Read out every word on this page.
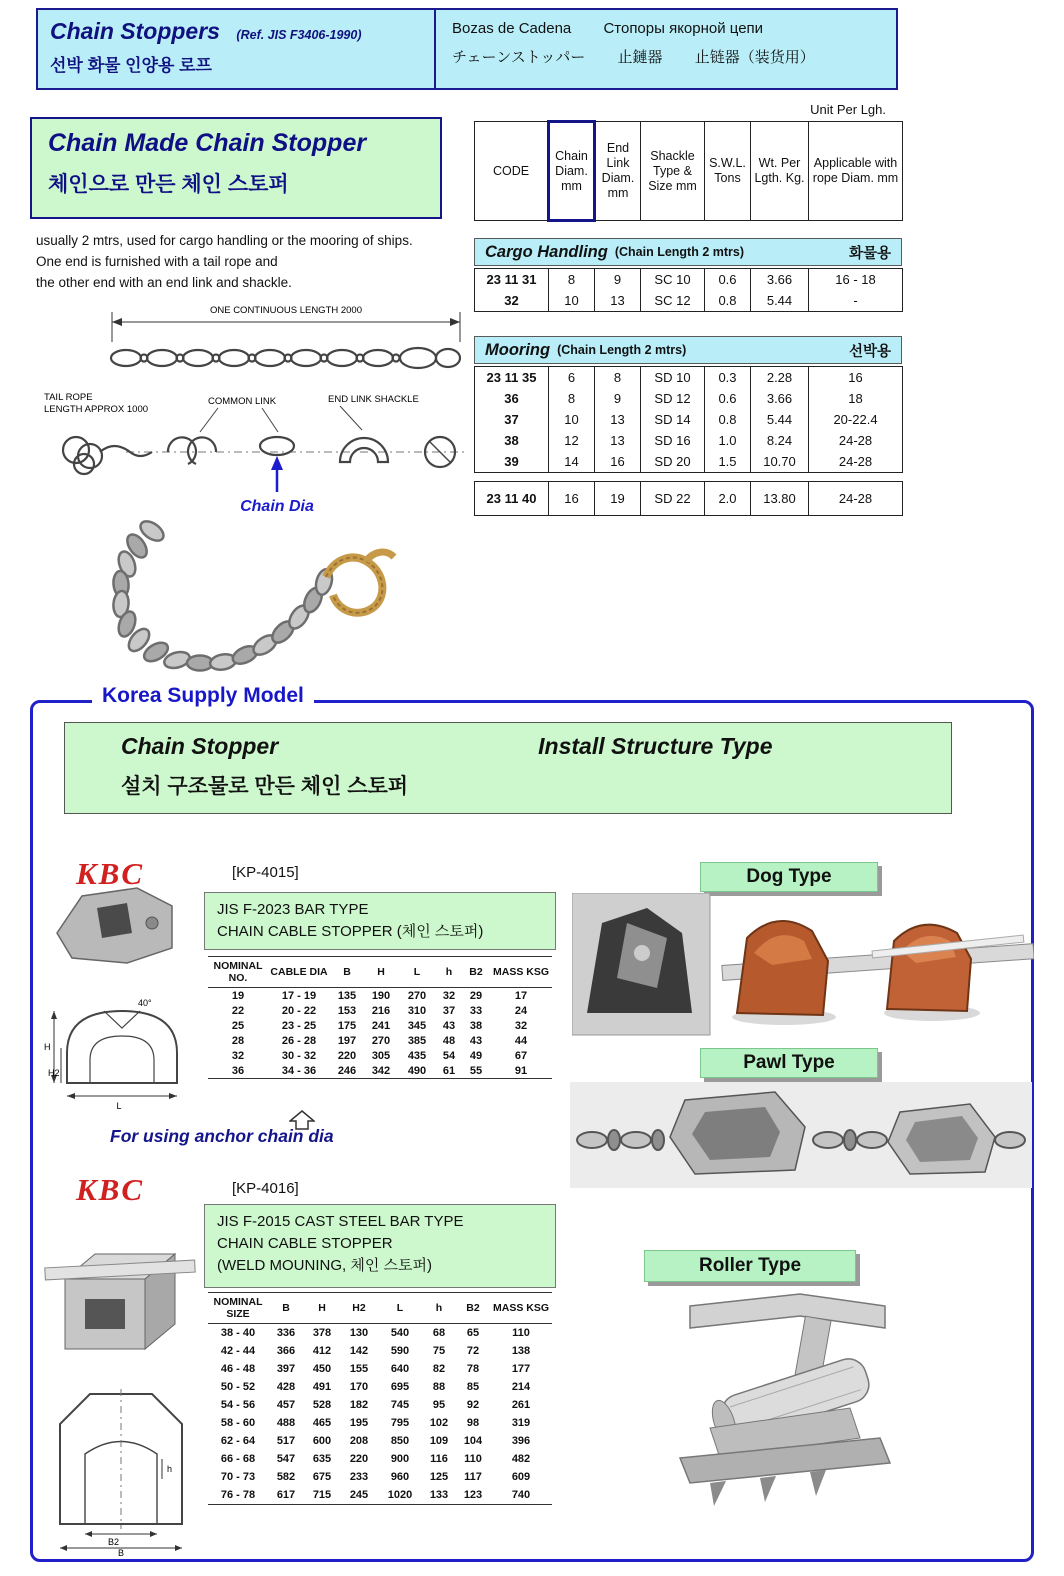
Chain Stoppers (Ref. JIS F3406-1990)
선박 화물 인양용 로프
Bozas de Cadena Стопоры якорной цепи
チェーンストッパー 止鏈器 止链器（装货用）
Unit Per Lgh.
Chain Made Chain Stopper
체인으로 만든 체인 스토퍼
usually 2 mtrs, used for cargo handling or the mooring of ships.
One end is furnished with a tail rope and
the other end with an end link and shackle.
ONE CONTINUOUS LENGTH 2000
TAIL ROPE
LENGTH APPROX 1000
COMMON LINK	END LINK SHACKLE
Chain Dia
CODE	Chain Diam. mm	End Link Diam. mm	Shackle Type & Size mm	S.W.L. Tons	Wt. Per Lgth. Kg.	Applicable with rope Diam. mm
Cargo Handling (Chain Length 2 mtrs)	화물용
23 11 31	8	9	SC 10	0.6	3.66	16 - 18
32	10	13	SC 12	0.8	5.44	-
Mooring (Chain Length 2 mtrs)	선박용
23 11 35	6	8	SD 10	0.3	2.28	16
36	8	9	SD 12	0.6	3.66	18
37	10	13	SD 14	0.8	5.44	20-22.4
38	12	13	SD 16	1.0	8.24	24-28
39	14	16	SD 20	1.5	10.70	24-28
23 11 40	16	19	SD 22	2.0	13.80	24-28
Korea Supply Model
Chain Stopper	Install Structure Type
설치 구조물로 만든 체인 스토퍼
KBC	[KP-4015]
JIS F-2023 BAR TYPE
CHAIN CABLE STOPPER (체인 스토퍼)
H
H2
L
40°
NOMINAL NO.	CABLE DIA	B	H	L	h	B2	MASS KSG
19	17 - 19	135	190	270	32	29	17
22	20 - 22	153	216	310	37	33	24
25	23 - 25	175	241	345	43	38	32
28	26 - 28	197	270	385	48	43	44
32	30 - 32	220	305	435	54	49	67
36	34 - 36	246	342	490	61	55	91
For using anchor chain dia
KBC	[KP-4016]
JIS F-2015 CAST STEEL BAR TYPE
CHAIN CABLE STOPPER
(WELD MOUNING, 체인 스토퍼)
h
B2
B
NOMINAL SIZE	B	H	H2	L	h	B2	MASS KSG
38 - 40	336	378	130	540	68	65	110
42 - 44	366	412	142	590	75	72	138
46 - 48	397	450	155	640	82	78	177
50 - 52	428	491	170	695	88	85	214
54 - 56	457	528	182	745	95	92	261
58 - 60	488	465	195	795	102	98	319
62 - 64	517	600	208	850	109	104	396
66 - 68	547	635	220	900	116	110	482
70 - 73	582	675	233	960	125	117	609
76 - 78	617	715	245	1020	133	123	740
Dog Type
Pawl Type
Roller Type
